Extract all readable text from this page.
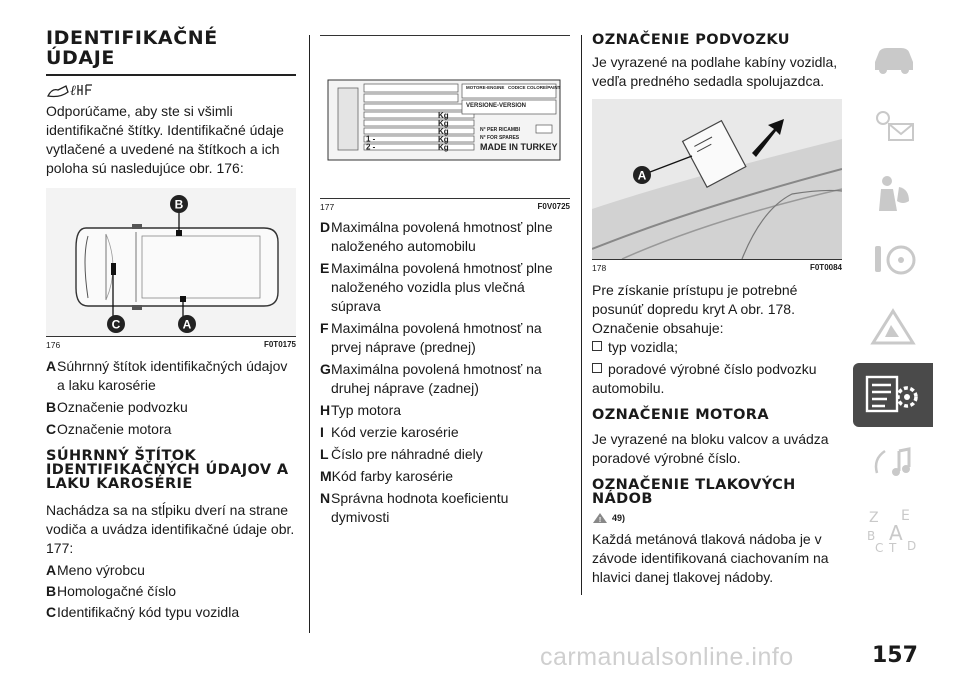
IDENTIFIKAČNÉ
ÚDAJE
ℓ

Odporúčame, aby ste si všimli identifikačné štítky. Identifikačné údaje vytlačené a uvedené na štítkoch a ich poloha sú nasledujúce obr. 176:

B
A
C
176	F0T0175
A Súhrnný štítok identifikačných údajov a laku karosérie
B Označenie podvozku
C Označenie motora
SÚHRNNÝ ŠTÍTOK IDENTIFIKAČNÝCH ÚDAJOV A LAKU KAROSÉRIE

Nachádza sa na stĺpiku dverí na strane vodiča a uvádza identifikačné údaje obr. 177:

A Meno výrobcu
B Homologačné číslo
C Identifikačný kód typu vozidla
1 -
2 -
Kg
Kg
Kg
Kg
Kg
MOTORE-ENGINE CODICE COLORE/PAINT
VERSIONE-VERSION
N° PER RICAMBI
N° FOR SPARES
MADE IN TURKEY
177	F0V0725
D Maximálna povolená hmotnosť plne naloženého automobilu
E Maximálna povolená hmotnosť plne naloženého vozidla plus vlečná súprava
F Maximálna povolená hmotnosť na prvej náprave (prednej)
G Maximálna povolená hmotnosť na druhej náprave (zadnej)
H Typ motora
I Kód verzie karosérie
L Číslo pre náhradné diely
M Kód farby karosérie
N Správna hodnota koeficientu dymivosti
OZNAČENIE PODVOZKU

Je vyrazené na podlahe kabíny vozidla, vedľa predného sedadla spolujazdca.

A
178	F0T0084

Pre získanie prístupu je potrebné posunúť dopredu kryt A obr. 178. Označenie obsahuje:

typ vozidla;

poradové výrobné číslo podvozku automobilu.

OZNAČENIE MOTORA

Je vyrazené na bloku valcov a uvádza poradové výrobné číslo.

OZNAČENIE TLAKOVÝCH NÁDOB
! 49)

Každá metánová tlaková nádoba je v závode identifikovaná ciachovaním na hlavici danej tlakovej nádoby.

Z E
B A
C T D
carmanualsonline.info	157
